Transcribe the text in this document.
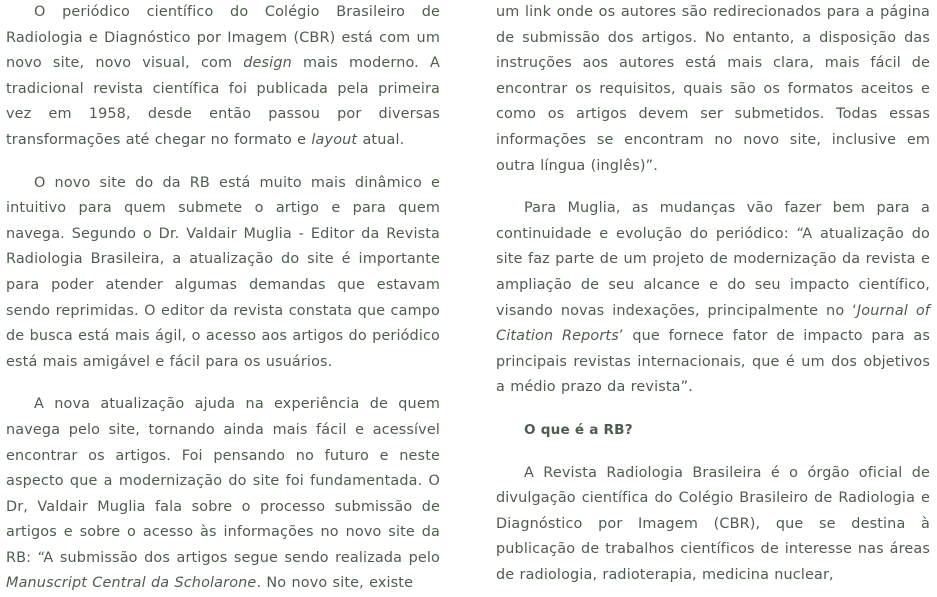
O periódico científico do Colégio Brasileiro de Radiologia e Diagnóstico por Imagem (CBR) está com um novo site, novo visual, com design mais moderno. A tradicional revista científica foi publicada pela primeira vez em 1958, desde então passou por diversas transformações até chegar no formato e layout atual.

O novo site do da RB está muito mais dinâmico e intuitivo para quem submete o artigo e para quem navega. Segundo o Dr. Valdair Muglia - Editor da Revista Radiologia Brasileira, a atualização do site é importante para poder atender algumas demandas que estavam sendo reprimidas. O editor da revista constata que campo de busca está mais ágil, o acesso aos artigos do periódico está mais amigável e fácil para os usuários.

A nova atualização ajuda na experiência de quem navega pelo site, tornando ainda mais fácil e acessível encontrar os artigos. Foi pensando no futuro e neste aspecto que a modernização do site foi fundamentada. O Dr, Valdair Muglia fala sobre o processo submissão de artigos e sobre o acesso às informações no novo site da RB: “A submissão dos artigos segue sendo realizada pelo Manuscript Central da Scholarone. No novo site, existe

um link onde os autores são redirecionados para a página de submissão dos artigos. No entanto, a disposição das instruções aos autores está mais clara, mais fácil de encontrar os requisitos, quais são os formatos aceitos e como os artigos devem ser submetidos. Todas essas informações se encontram no novo site, inclusive em outra língua (inglês)”.

Para Muglia, as mudanças vão fazer bem para a continuidade e evolução do periódico: “A atualização do site faz parte de um projeto de modernização da revista e ampliação de seu alcance e do seu impacto científico, visando novas indexações, principalmente no ‘Journal of Citation Reports’ que fornece fator de impacto para as principais revistas internacionais, que é um dos objetivos a médio prazo da revista”.

O que é a RB?

A Revista Radiologia Brasileira é o órgão oficial de divulgação científica do Colégio Brasileiro de Radiologia e Diagnóstico por Imagem (CBR), que se destina à publicação de trabalhos científicos de interesse nas áreas de radiologia, radioterapia, medicina nuclear,
